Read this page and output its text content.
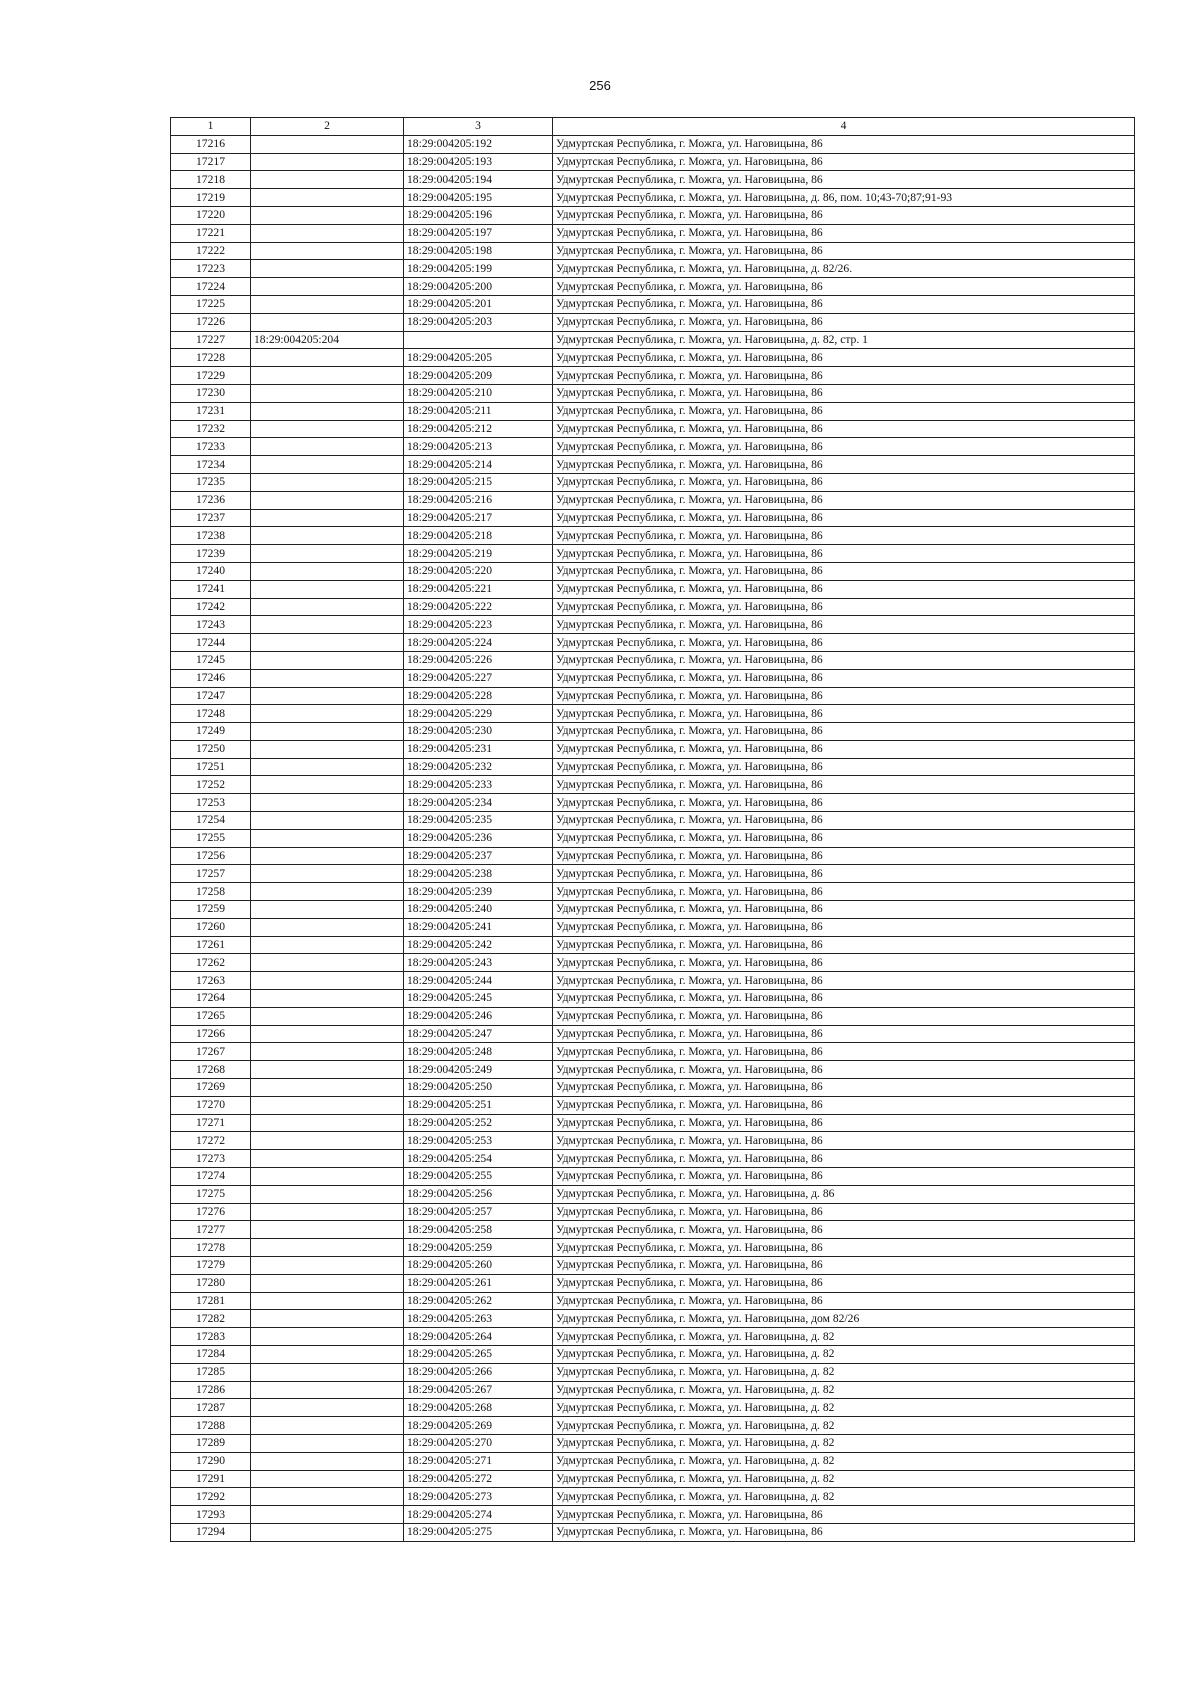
256
1	2	3	4
17216		18:29:004205:192	Удмуртская Республика, г. Можга, ул. Наговицына, 86
17217		18:29:004205:193	Удмуртская Республика, г. Можга, ул. Наговицына, 86
17218		18:29:004205:194	Удмуртская Республика, г. Можга, ул. Наговицына, 86
17219		18:29:004205:195	Удмуртская Республика, г. Можга, ул. Наговицына, д. 86, пом. 10;43-70;87;91-93
17220		18:29:004205:196	Удмуртская Республика, г. Можга, ул. Наговицына, 86
17221		18:29:004205:197	Удмуртская Республика, г. Можга, ул. Наговицына, 86
17222		18:29:004205:198	Удмуртская Республика, г. Можга, ул. Наговицына, 86
17223		18:29:004205:199	Удмуртская Республика, г. Можга, ул. Наговицына, д. 82/26.
17224		18:29:004205:200	Удмуртская Республика, г. Можга, ул. Наговицына, 86
17225		18:29:004205:201	Удмуртская Республика, г. Можга, ул. Наговицына, 86
17226		18:29:004205:203	Удмуртская Республика, г. Можга, ул. Наговицына, 86
17227	18:29:004205:204		Удмуртская Республика, г. Можга, ул. Наговицына, д. 82, стр. 1
17228		18:29:004205:205	Удмуртская Республика, г. Можга, ул. Наговицына, 86
17229		18:29:004205:209	Удмуртская Республика, г. Можга, ул. Наговицына, 86
17230		18:29:004205:210	Удмуртская Республика, г. Можга, ул. Наговицына, 86
17231		18:29:004205:211	Удмуртская Республика, г. Можга, ул. Наговицына, 86
17232		18:29:004205:212	Удмуртская Республика, г. Можга, ул. Наговицына, 86
17233		18:29:004205:213	Удмуртская Республика, г. Можга, ул. Наговицына, 86
17234		18:29:004205:214	Удмуртская Республика, г. Можга, ул. Наговицына, 86
17235		18:29:004205:215	Удмуртская Республика, г. Можга, ул. Наговицына, 86
17236		18:29:004205:216	Удмуртская Республика, г. Можга, ул. Наговицына, 86
17237		18:29:004205:217	Удмуртская Республика, г. Можга, ул. Наговицына, 86
17238		18:29:004205:218	Удмуртская Республика, г. Можга, ул. Наговицына, 86
17239		18:29:004205:219	Удмуртская Республика, г. Можга, ул. Наговицына, 86
17240		18:29:004205:220	Удмуртская Республика, г. Можга, ул. Наговицына, 86
17241		18:29:004205:221	Удмуртская Республика, г. Можга, ул. Наговицына, 86
17242		18:29:004205:222	Удмуртская Республика, г. Можга, ул. Наговицына, 86
17243		18:29:004205:223	Удмуртская Республика, г. Можга, ул. Наговицына, 86
17244		18:29:004205:224	Удмуртская Республика, г. Можга, ул. Наговицына, 86
17245		18:29:004205:226	Удмуртская Республика, г. Можга, ул. Наговицына, 86
17246		18:29:004205:227	Удмуртская Республика, г. Можга, ул. Наговицына, 86
17247		18:29:004205:228	Удмуртская Республика, г. Можга, ул. Наговицына, 86
17248		18:29:004205:229	Удмуртская Республика, г. Можга, ул. Наговицына, 86
17249		18:29:004205:230	Удмуртская Республика, г. Можга, ул. Наговицына, 86
17250		18:29:004205:231	Удмуртская Республика, г. Можга, ул. Наговицына, 86
17251		18:29:004205:232	Удмуртская Республика, г. Можга, ул. Наговицына, 86
17252		18:29:004205:233	Удмуртская Республика, г. Можга, ул. Наговицына, 86
17253		18:29:004205:234	Удмуртская Республика, г. Можга, ул. Наговицына, 86
17254		18:29:004205:235	Удмуртская Республика, г. Можга, ул. Наговицына, 86
17255		18:29:004205:236	Удмуртская Республика, г. Можга, ул. Наговицына, 86
17256		18:29:004205:237	Удмуртская Республика, г. Можга, ул. Наговицына, 86
17257		18:29:004205:238	Удмуртская Республика, г. Можга, ул. Наговицына, 86
17258		18:29:004205:239	Удмуртская Республика, г. Можга, ул. Наговицына, 86
17259		18:29:004205:240	Удмуртская Республика, г. Можга, ул. Наговицына, 86
17260		18:29:004205:241	Удмуртская Республика, г. Можга, ул. Наговицына, 86
17261		18:29:004205:242	Удмуртская Республика, г. Можга, ул. Наговицына, 86
17262		18:29:004205:243	Удмуртская Республика, г. Можга, ул. Наговицына, 86
17263		18:29:004205:244	Удмуртская Республика, г. Можга, ул. Наговицына, 86
17264		18:29:004205:245	Удмуртская Республика, г. Можга, ул. Наговицына, 86
17265		18:29:004205:246	Удмуртская Республика, г. Можга, ул. Наговицына, 86
17266		18:29:004205:247	Удмуртская Республика, г. Можга, ул. Наговицына, 86
17267		18:29:004205:248	Удмуртская Республика, г. Можга, ул. Наговицына, 86
17268		18:29:004205:249	Удмуртская Республика, г. Можга, ул. Наговицына, 86
17269		18:29:004205:250	Удмуртская Республика, г. Можга, ул. Наговицына, 86
17270		18:29:004205:251	Удмуртская Республика, г. Можга, ул. Наговицына, 86
17271		18:29:004205:252	Удмуртская Республика, г. Можга, ул. Наговицына, 86
17272		18:29:004205:253	Удмуртская Республика, г. Можга, ул. Наговицына, 86
17273		18:29:004205:254	Удмуртская Республика, г. Можга, ул. Наговицына, 86
17274		18:29:004205:255	Удмуртская Республика, г. Можга, ул. Наговицына, 86
17275		18:29:004205:256	Удмуртская Республика, г. Можга, ул. Наговицына, д. 86
17276		18:29:004205:257	Удмуртская Республика, г. Можга, ул. Наговицына, 86
17277		18:29:004205:258	Удмуртская Республика, г. Можга, ул. Наговицына, 86
17278		18:29:004205:259	Удмуртская Республика, г. Можга, ул. Наговицына, 86
17279		18:29:004205:260	Удмуртская Республика, г. Можга, ул. Наговицына, 86
17280		18:29:004205:261	Удмуртская Республика, г. Можга, ул. Наговицына, 86
17281		18:29:004205:262	Удмуртская Республика, г. Можга, ул. Наговицына, 86
17282		18:29:004205:263	Удмуртская Республика, г. Можга, ул. Наговицына, дом 82/26
17283		18:29:004205:264	Удмуртская Республика, г. Можга, ул. Наговицына, д. 82
17284		18:29:004205:265	Удмуртская Республика, г. Можга, ул. Наговицына, д. 82
17285		18:29:004205:266	Удмуртская Республика, г. Можга, ул. Наговицына, д. 82
17286		18:29:004205:267	Удмуртская Республика, г. Можга, ул. Наговицына, д. 82
17287		18:29:004205:268	Удмуртская Республика, г. Можга, ул. Наговицына, д. 82
17288		18:29:004205:269	Удмуртская Республика, г. Можга, ул. Наговицына, д. 82
17289		18:29:004205:270	Удмуртская Республика, г. Можга, ул. Наговицына, д. 82
17290		18:29:004205:271	Удмуртская Республика, г. Можга, ул. Наговицына, д. 82
17291		18:29:004205:272	Удмуртская Республика, г. Можга, ул. Наговицына, д. 82
17292		18:29:004205:273	Удмуртская Республика, г. Можга, ул. Наговицына, д. 82
17293		18:29:004205:274	Удмуртская Республика, г. Можга, ул. Наговицына, 86
17294		18:29:004205:275	Удмуртская Республика, г. Можга, ул. Наговицына, 86
